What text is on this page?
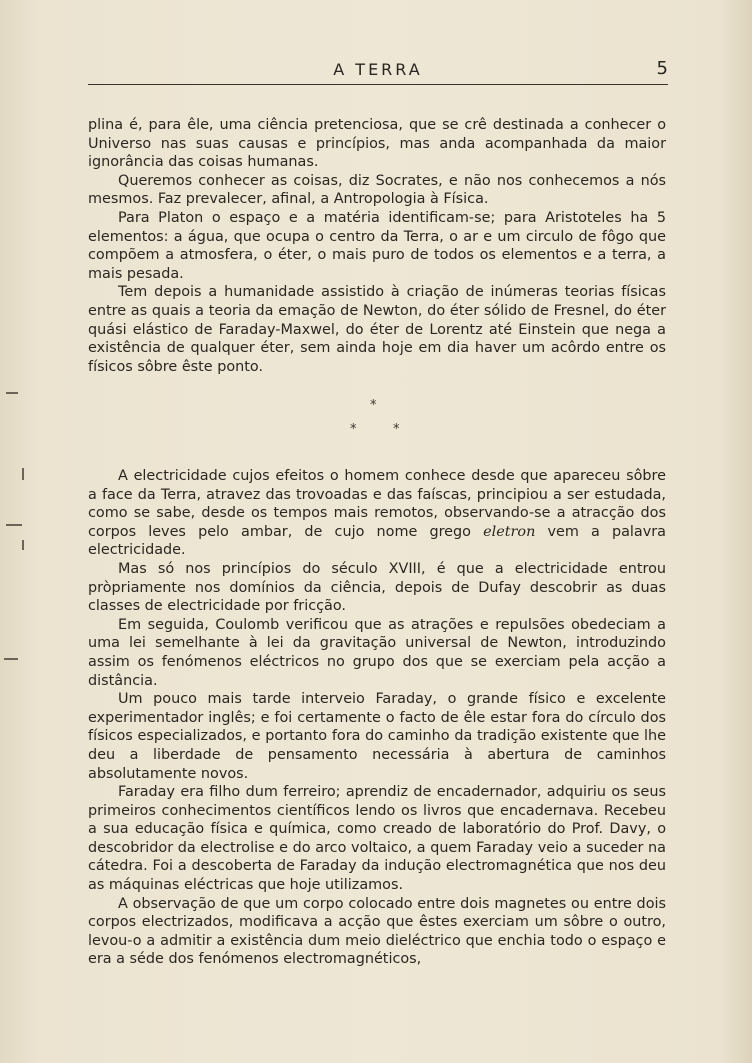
A TERRA	5

plina é, para êle, uma ciência pretenciosa, que se crê destinada a conhecer o Universo nas suas causas e princípios, mas anda acompanhada da maior ignorância das coisas humanas.

Queremos conhecer as coisas, diz Socrates, e não nos conhecemos a nós mesmos. Faz prevalecer, afinal, a Antropologia à Física.

Para Platon o espaço e a matéria identificam-se; para Aristoteles ha 5 elementos: a água, que ocupa o centro da Terra, o ar e um circulo de fôgo que compõem a atmosfera, o éter, o mais puro de todos os elementos e a terra, a mais pesada.

Tem depois a humanidade assistido à criação de inúmeras teorias físicas entre as quais a teoria da emação de Newton, do éter sólido de Fresnel, do éter quási elástico de Faraday-Maxwel, do éter de Lorentz até Einstein que nega a existência de qualquer éter, sem ainda hoje em dia haver um acôrdo entre os físicos sôbre êste ponto.

*
*	*

A electricidade cujos efeitos o homem conhece desde que apareceu sôbre a face da Terra, atravez das trovoadas e das faíscas, principiou a ser estudada, como se sabe, desde os tempos mais remotos, observando-se a atracção dos corpos leves pelo ambar, de cujo nome grego eletron vem a palavra electricidade.

Mas só nos princípios do século XVIII, é que a electricidade entrou pròpriamente nos domínios da ciência, depois de Dufay descobrir as duas classes de electricidade por fricção.

Em seguida, Coulomb verificou que as atrações e repulsões obedeciam a uma lei semelhante à lei da gravitação universal de Newton, introduzindo assim os fenómenos eléctricos no grupo dos que se exerciam pela acção a distância.

Um pouco mais tarde interveio Faraday, o grande físico e excelente experimentador inglês; e foi certamente o facto de êle estar fora do círculo dos físicos especializados, e portanto fora do caminho da tradição existente que lhe deu a liberdade de pensamento necessária à abertura de caminhos absolutamente novos.

Faraday era filho dum ferreiro; aprendiz de encadernador, adquiriu os seus primeiros conhecimentos científicos lendo os livros que encadernava. Recebeu a sua educação física e química, como creado de laboratório do Prof. Davy, o descobridor da electrolise e do arco voltaico, a quem Faraday veio a suceder na cátedra. Foi a descoberta de Faraday da indução electromagnética que nos deu as máquinas eléctricas que hoje utilizamos.

A observação de que um corpo colocado entre dois magnetes ou entre dois corpos electrizados, modificava a acção que êstes exerciam um sôbre o outro, levou-o a admitir a existência dum meio dieléctrico que enchia todo o espaço e era a séde dos fenómenos electromagnéticos,
